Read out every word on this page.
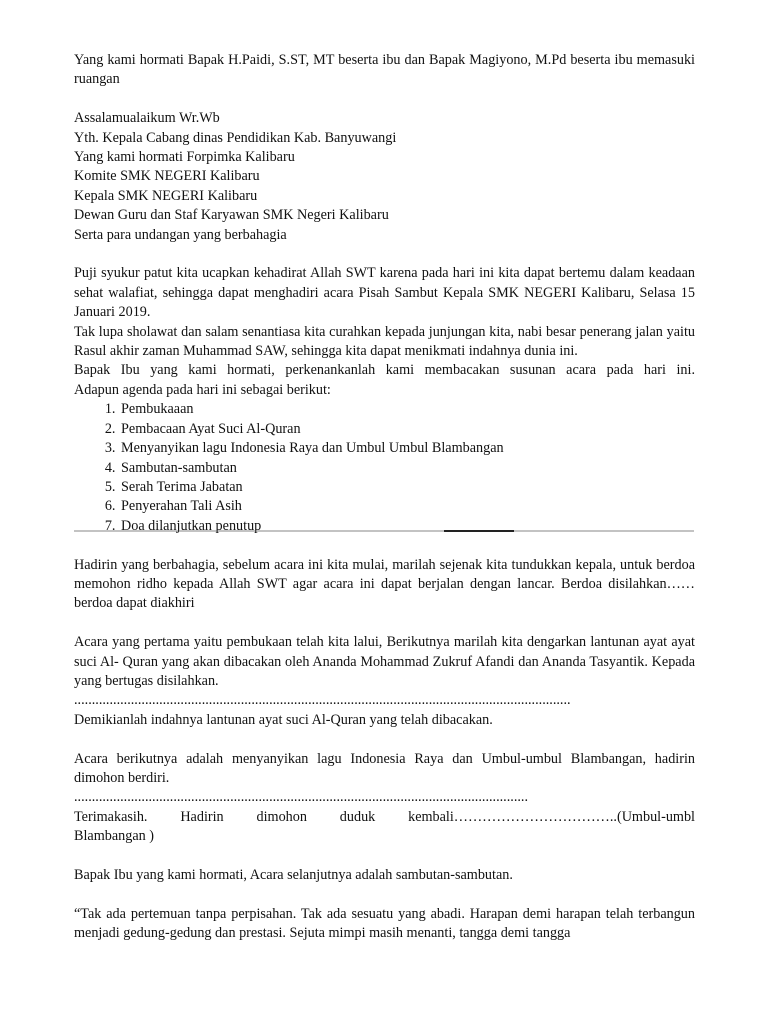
Yang kami hormati Bapak H.Paidi, S.ST, MT beserta ibu dan Bapak Magiyono, M.Pd beserta ibu memasuki ruangan

Assalamualaikum Wr.Wb

Yth. Kepala Cabang dinas Pendidikan Kab. Banyuwangi

Yang kami hormati Forpimka Kalibaru

Komite SMK NEGERI Kalibaru

Kepala SMK NEGERI Kalibaru

Dewan Guru dan Staf Karyawan SMK Negeri Kalibaru

Serta para undangan yang berbahagia

Puji syukur patut kita ucapkan kehadirat Allah SWT karena pada hari ini kita dapat bertemu dalam keadaan sehat walafiat, sehingga dapat menghadiri acara Pisah Sambut Kepala SMK NEGERI Kalibaru, Selasa 15 Januari 2019.

Tak lupa sholawat dan salam senantiasa kita curahkan kepada junjungan kita, nabi besar penerang jalan yaitu Rasul akhir zaman Muhammad SAW, sehingga kita dapat menikmati indahnya dunia ini.

Bapak Ibu yang kami hormati, perkenankanlah kami membacakan susunan acara pada hari ini.

Adapun agenda pada hari ini sebagai berikut:

1. Pembukaaan
2. Pembacaan Ayat Suci Al-Quran
3. Menyanyikan lagu Indonesia Raya dan Umbul Umbul Blambangan
4. Sambutan-sambutan
5. Serah Terima Jabatan
6. Penyerahan Tali Asih
7. Doa dilanjutkan penutup

Hadirin yang berbahagia, sebelum acara ini kita mulai, marilah sejenak kita tundukkan kepala, untuk berdoa memohon ridho kepada Allah SWT agar acara ini dapat berjalan dengan lancar. Berdoa disilahkan……berdoa dapat diakhiri

Acara yang pertama yaitu pembukaan telah kita lalui, Berikutnya marilah kita dengarkan lantunan ayat ayat suci Al- Quran yang akan dibacakan oleh Ananda Mohammad Zukruf Afandi dan Ananda Tasyantik. Kepada yang bertugas disilahkan.

............................................................................................................................................

Demikianlah indahnya lantunan ayat suci Al-Quran yang telah dibacakan.

Acara berikutnya adalah menyanyikan lagu Indonesia Raya dan Umbul-umbul Blambangan, hadirin dimohon berdiri.

................................................................................................................................

Terimakasih. Hadirin dimohon duduk kembali……………………………..(Umbul-umbl

Blambangan )

Bapak Ibu yang kami hormati, Acara selanjutnya adalah sambutan-sambutan.

“Tak ada pertemuan tanpa perpisahan. Tak ada sesuatu yang abadi. Harapan demi harapan telah terbangun menjadi gedung-gedung dan prestasi. Sejuta mimpi masih menanti, tangga demi tangga
